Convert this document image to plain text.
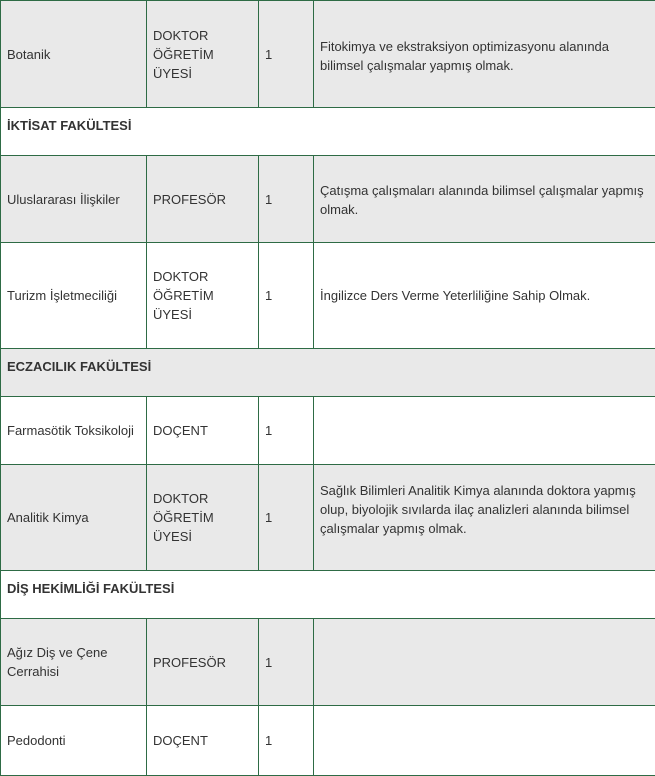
Botanik	DOKTOR ÖĞRETİM ÜYESİ	1	Fitokimya ve ekstraksiyon optimizasyonu alanında bilimsel çalışmalar yapmış olmak.
İKTİSAT FAKÜLTESİ			
Uluslararası İlişkiler	PROFESÖR	1	Çatışma çalışmaları alanında bilimsel çalışmalar yapmış olmak.
Turizm İşletmeciliği	DOKTOR ÖĞRETİM ÜYESİ	1	İngilizce Ders Verme Yeterliliğine Sahip Olmak.
ECZACILIK FAKÜLTESİ			
Farmasötik Toksikoloji	DOÇENT	1	
Analitik Kimya	DOKTOR ÖĞRETİM ÜYESİ	1	Sağlık Bilimleri Analitik Kimya alanında doktora yapmış olup, biyolojik sıvılarda ilaç analizleri alanında bilimsel çalışmalar yapmış olmak.
DİŞ HEKİMLİĞİ FAKÜLTESİ			
Ağız Diş ve Çene Cerrahisi	PROFESÖR	1	
Pedodonti	DOÇENT	1	
